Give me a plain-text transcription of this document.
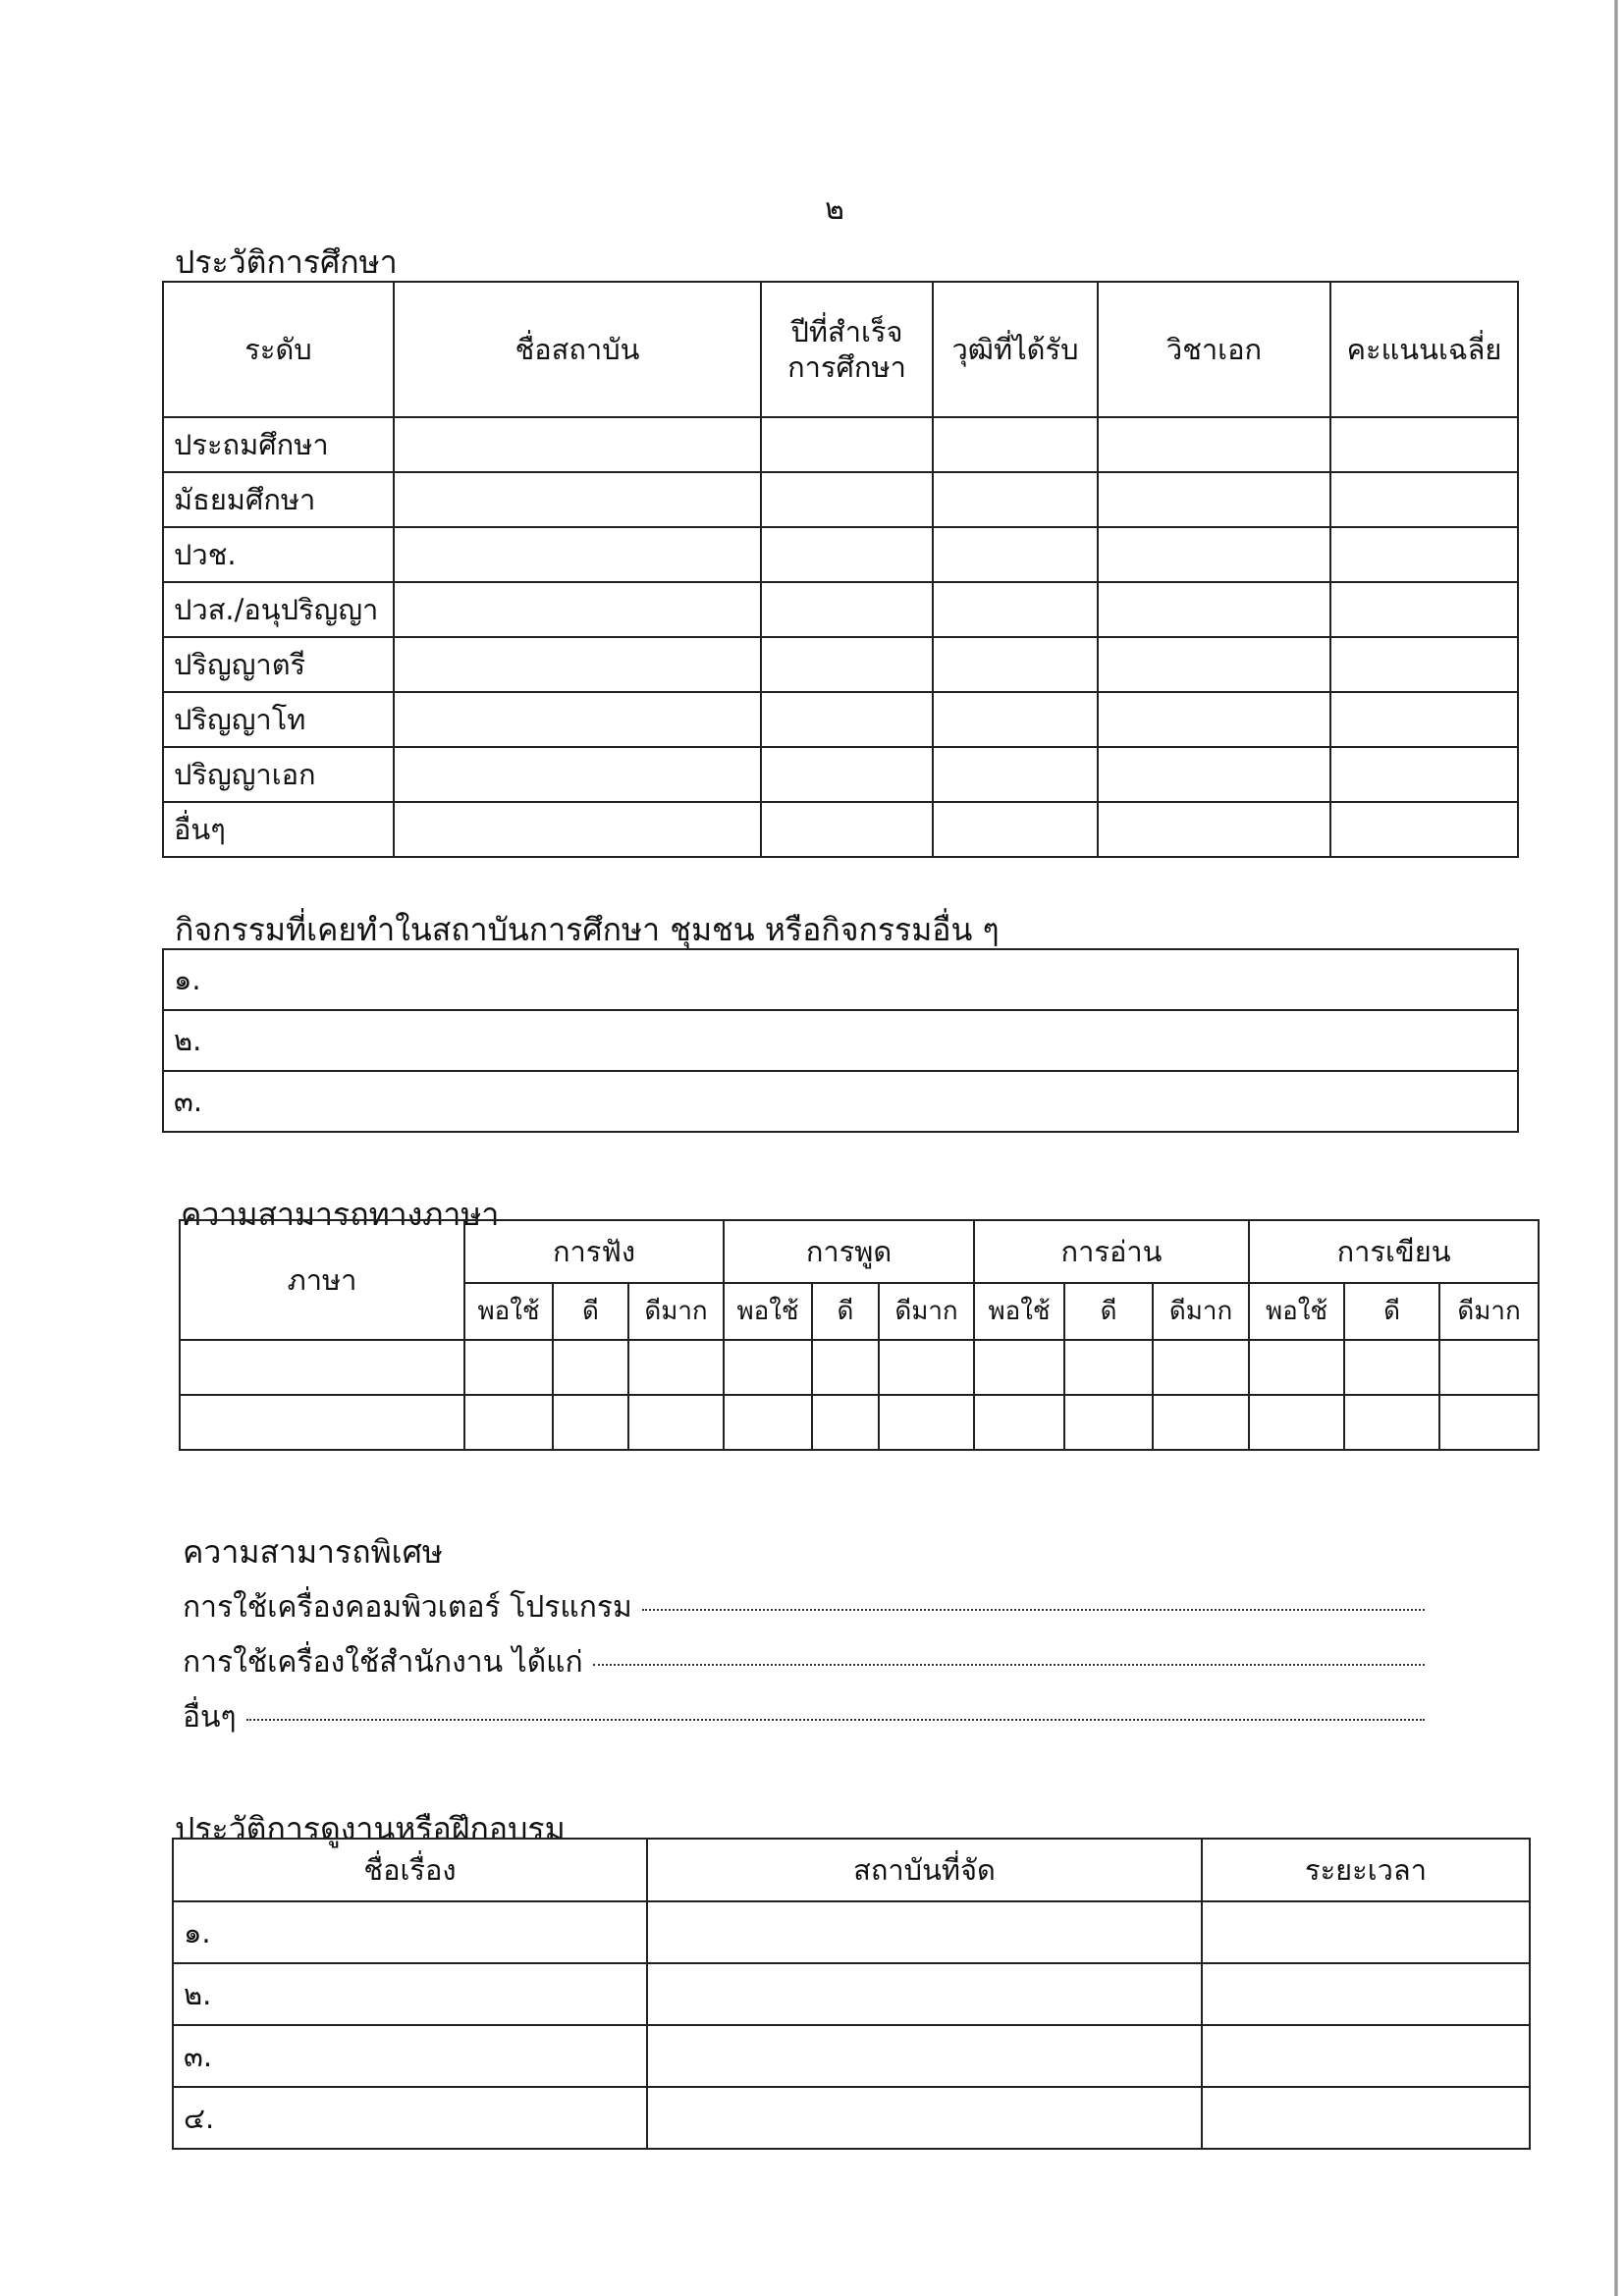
๒
ประวัติการศึกษา
ระดับ	ชื่อสถาบัน	ปีที่สำเร็จการศึกษา	วุฒิที่ได้รับ	วิชาเอก	คะแนนเฉลี่ย
ประถมศึกษา					
มัธยมศึกษา					
ปวช.					
ปวส./อนุปริญญา					
ปริญญาตรี					
ปริญญาโท					
ปริญญาเอก					
อื่นๆ					
กิจกรรมที่เคยทำในสถาบันการศึกษา ชุมชน หรือกิจกรรมอื่น ๆ
๑.
๒.
๓.
ความสามารถทางภาษา
ภาษา	การฟัง			การพูด			การอ่าน			การเขียน		
	พอใช้	ดี	ดีมาก	พอใช้	ดี	ดีมาก	พอใช้	ดี	ดีมาก	พอใช้	ดี	ดีมาก

ความสามารถพิเศษ
การใช้เครื่องคอมพิวเตอร์ โปรแกรม
การใช้เครื่องใช้สำนักงาน ได้แก่
อื่นๆ
ประวัติการดูงานหรือฝึกอบรม
ชื่อเรื่อง	สถาบันที่จัด	ระยะเวลา
๑.		
๒.		
๓.		
๔.		
